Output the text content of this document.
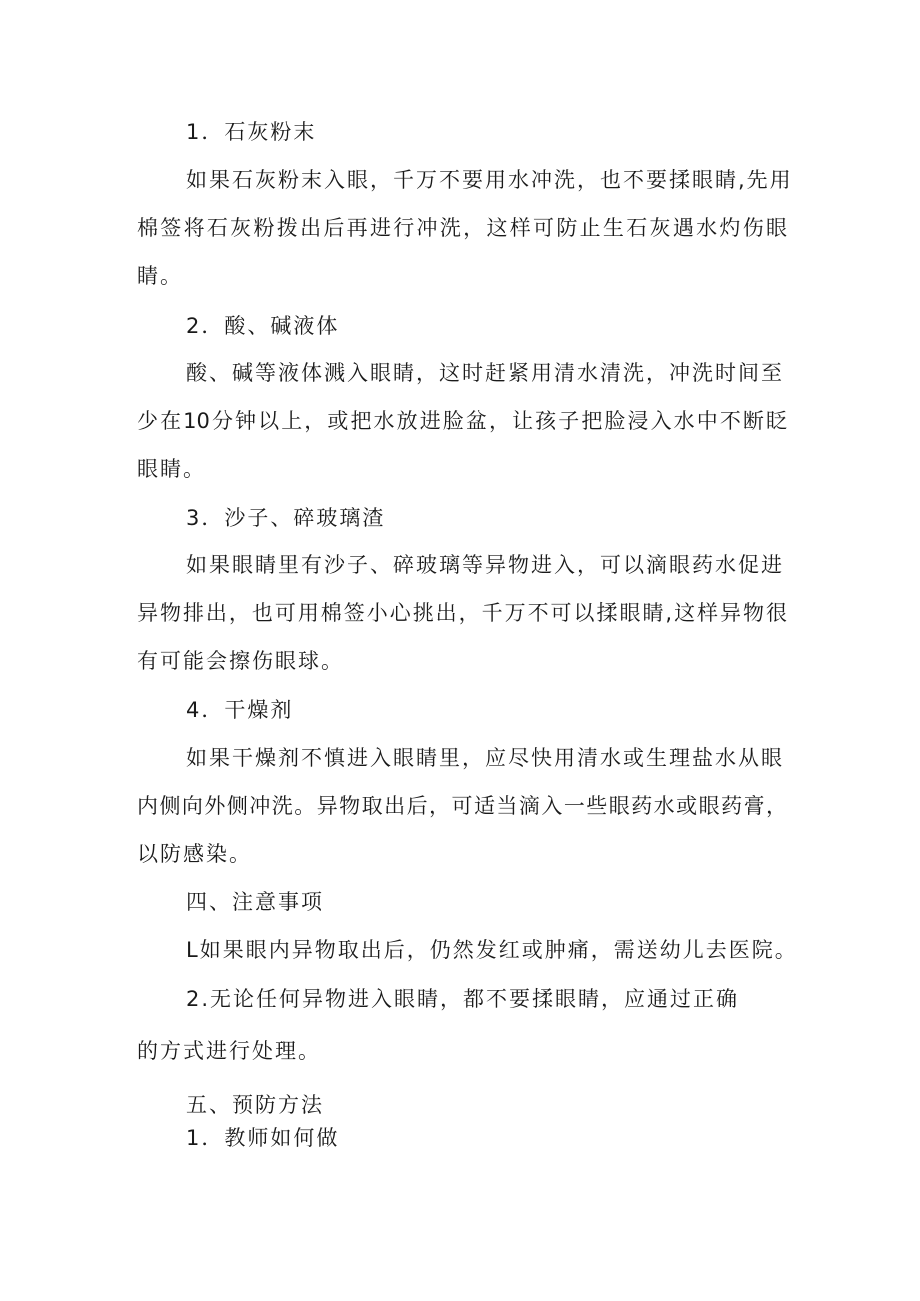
1．石灰粉末
如果石灰粉末入眼，千万不要用水冲洗，也不要揉眼睛,先用
棉签将石灰粉拨出后再进行冲洗，这样可防止生石灰遇水灼伤眼
睛。
2．酸、碱液体
酸、碱等液体溅入眼睛，这时赶紧用清水清洗，冲洗时间至
少在10分钟以上，或把水放进脸盆，让孩子把脸浸入水中不断眨
眼睛。
3．沙子、碎玻璃渣
如果眼睛里有沙子、碎玻璃等异物进入，可以滴眼药水促进
异物排出，也可用棉签小心挑出，千万不可以揉眼睛,这样异物很
有可能会擦伤眼球。
4．干燥剂
如果干燥剂不慎进入眼睛里，应尽快用清水或生理盐水从眼
内侧向外侧冲洗。异物取出后，可适当滴入一些眼药水或眼药膏，
以防感染。
四、注意事项
L如果眼内异物取出后，仍然发红或肿痛，需送幼儿去医院。
2.无论任何异物进入眼睛，都不要揉眼睛，应通过正确
的方式进行处理。
五、预防方法
1．教师如何做
